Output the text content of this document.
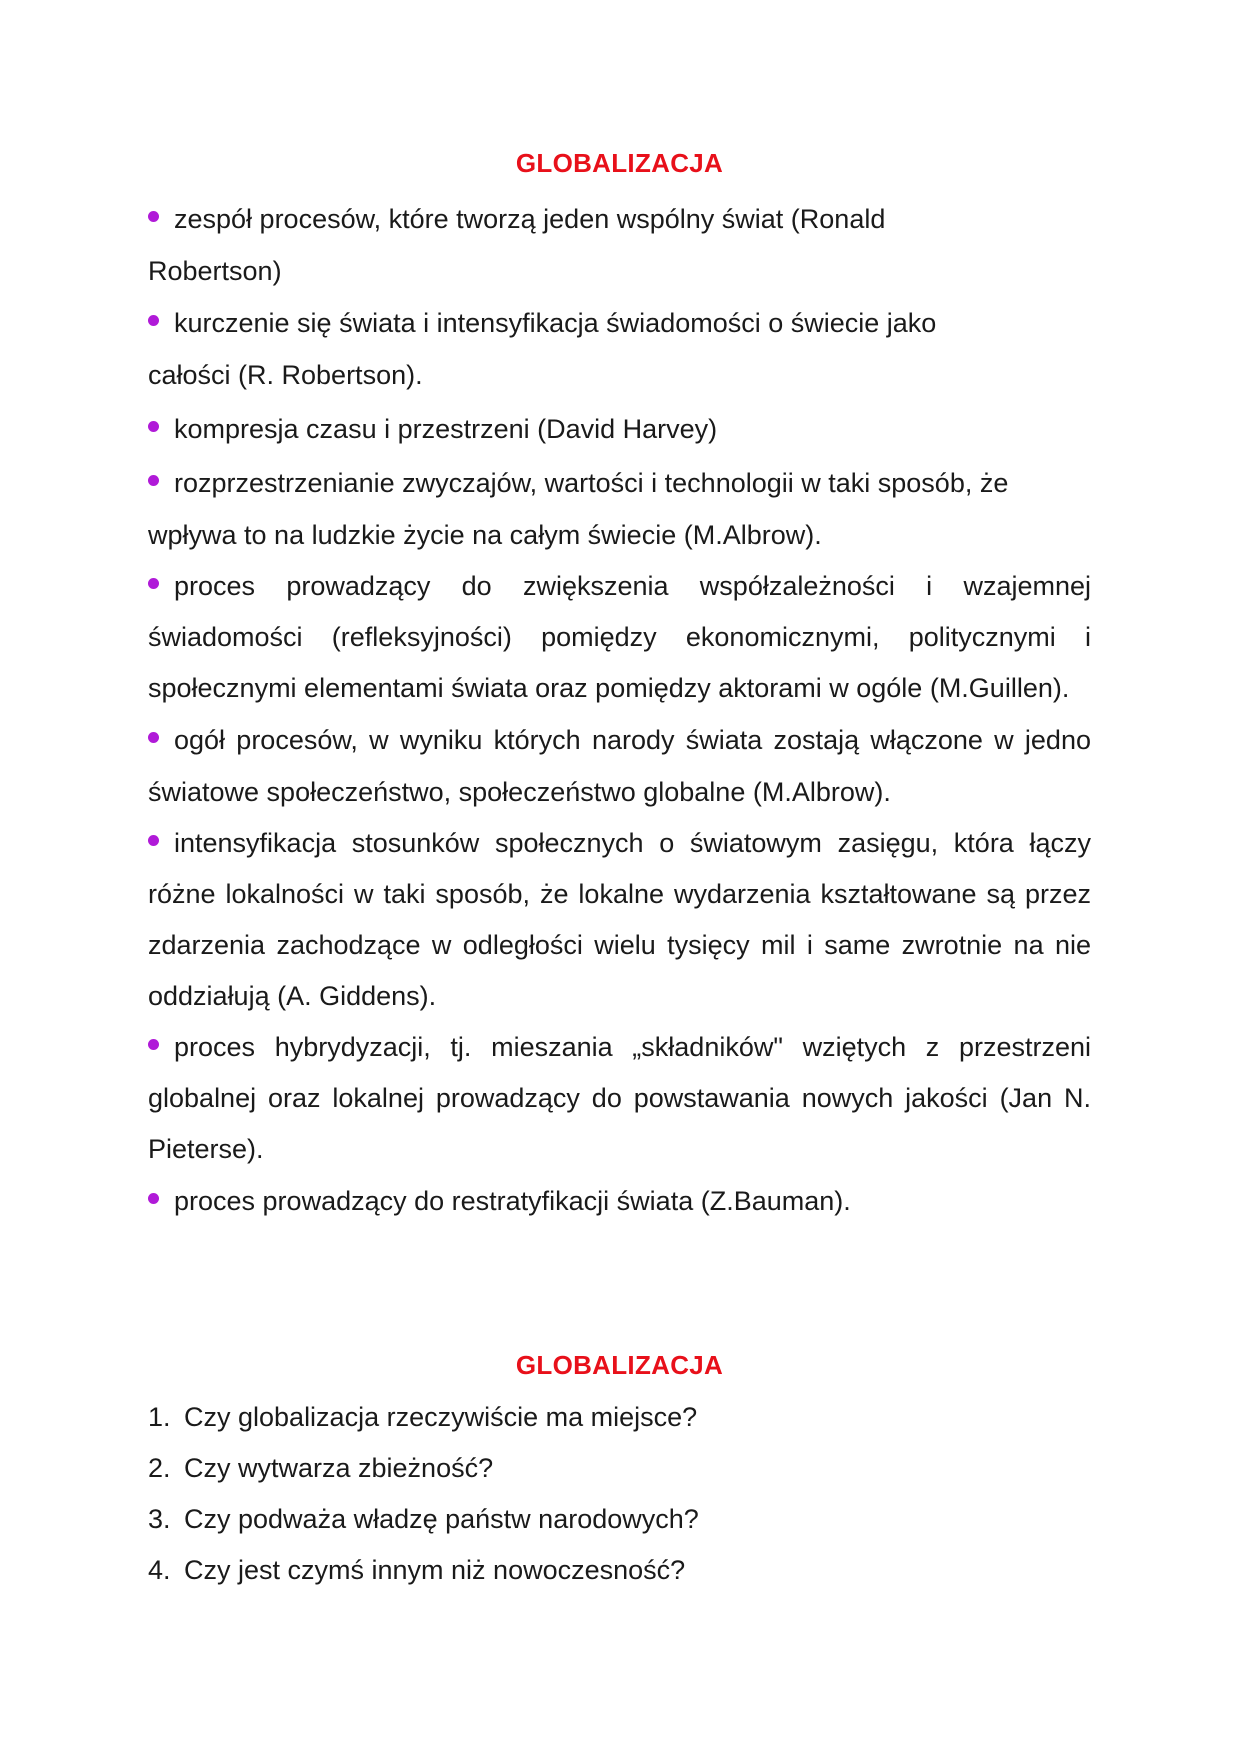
GLOBALIZACJA
zespół procesów, które tworzą jeden wspólny świat (Ronald Robertson)
kurczenie się świata i intensyfikacja świadomości o świecie jako całości (R. Robertson).
kompresja czasu i przestrzeni (David Harvey)
rozprzestrzenianie zwyczajów, wartości i technologii w taki sposób, że wpływa to na ludzkie życie na całym świecie (M.Albrow).
proces prowadzący do zwiększenia współzależności i wzajemnej świadomości (refleksyjności) pomiędzy ekonomicznymi, politycznymi i społecznymi elementami świata oraz pomiędzy aktorami w ogóle (M.Guillen).
ogół procesów, w wyniku których narody świata zostają włączone w jedno światowe społeczeństwo, społeczeństwo globalne (M.Albrow).
intensyfikacja stosunków społecznych o światowym zasięgu, która łączy różne lokalności w taki sposób, że lokalne wydarzenia kształtowane są przez zdarzenia zachodzące w odległości wielu tysięcy mil i same zwrotnie na nie oddziałują (A. Giddens).
proces hybrydyzacji, tj. mieszania „składników" wziętych z przestrzeni globalnej oraz lokalnej prowadzący do powstawania nowych jakości (Jan N. Pieterse).
proces prowadzący do restratyfikacji świata (Z.Bauman).
GLOBALIZACJA
1. Czy globalizacja rzeczywiście ma miejsce?
2. Czy wytwarza zbieżność?
3. Czy podważa władzę państw narodowych?
4. Czy jest czymś innym niż nowoczesność?
